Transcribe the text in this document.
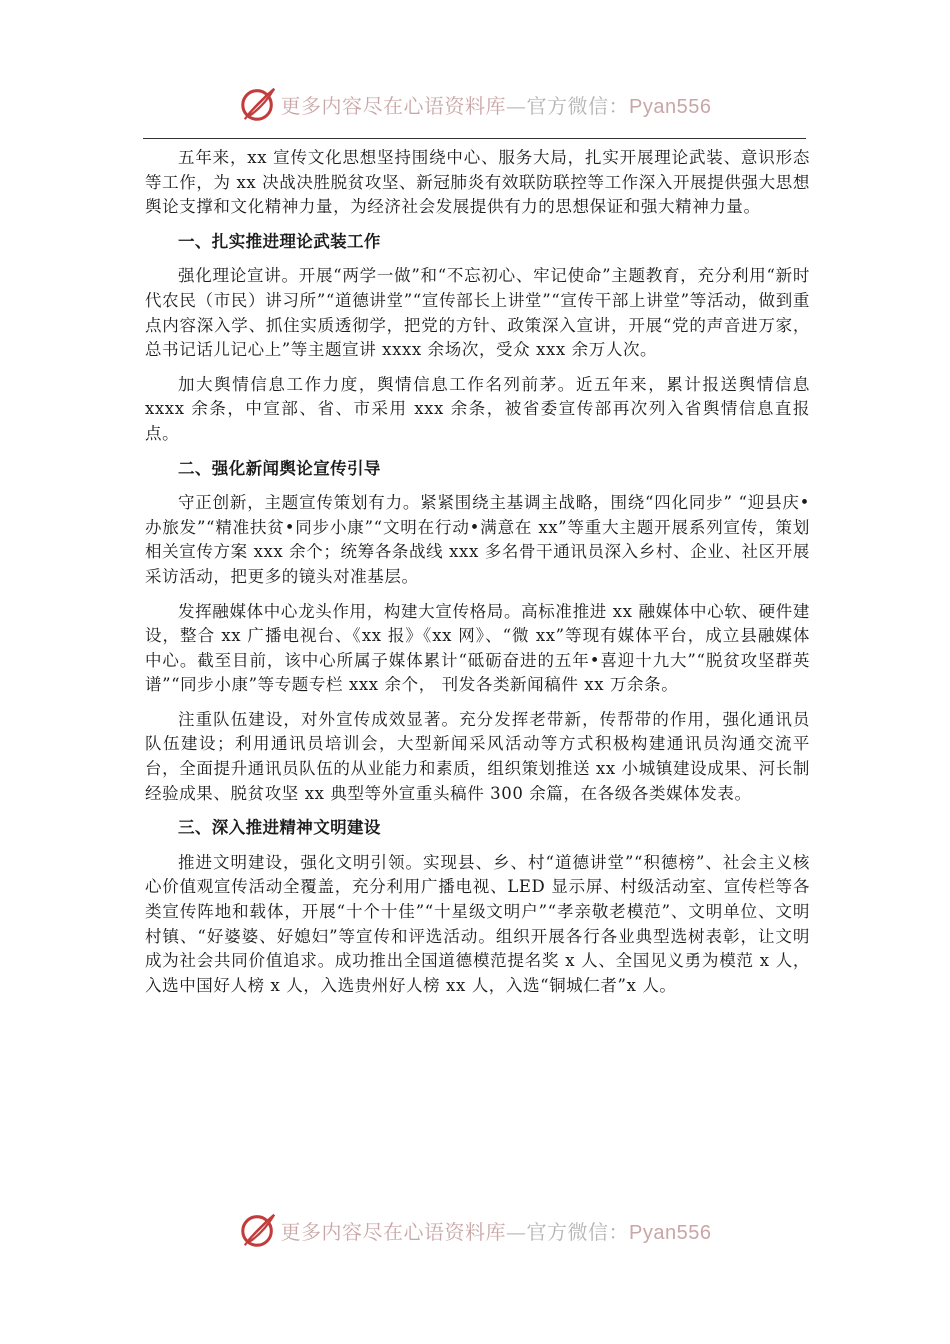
更多内容尽在心语资料库—官方微信：Pyan556

五年来，xx 宣传文化思想坚持围绕中心、服务大局，扎实开展理论武装、意识形态等工作，为 xx 决战决胜脱贫攻坚、新冠肺炎有效联防联控等工作深入开展提供强大思想舆论支撑和文化精神力量，为经济社会发展提供有力的思想保证和强大精神力量。

一、扎实推进理论武装工作

强化理论宣讲。开展“两学一做”和“不忘初心、牢记使命”主题教育，充分利用“新时代农民（市民）讲习所”“道德讲堂”“宣传部长上讲堂”“宣传干部上讲堂”等活动，做到重点内容深入学、抓住实质透彻学，把党的方针、政策深入宣讲，开展“党的声音进万家，总书记话儿记心上”等主题宣讲 xxxx 余场次，受众 xxx 余万人次。

加大舆情信息工作力度，舆情信息工作名列前茅。近五年来，累计报送舆情信息 xxxx 余条，中宣部、省、市采用 xxx 余条，被省委宣传部再次列入省舆情信息直报点。

二、强化新闻舆论宣传引导

守正创新，主题宣传策划有力。紧紧围绕主基调主战略，围绕“四化同步” “迎县庆•办旅发”“精准扶贫•同步小康”“文明在行动•满意在 xx”等重大主题开展系列宣传，策划相关宣传方案 xxx 余个；统筹各条战线 xxx 多名骨干通讯员深入乡村、企业、社区开展采访活动，把更多的镜头对准基层。

发挥融媒体中心龙头作用，构建大宣传格局。高标准推进 xx 融媒体中心软、硬件建设，整合 xx 广播电视台、《xx 报》《xx 网》、“微 xx”等现有媒体平台，成立县融媒体中心。截至目前，该中心所属子媒体累计“砥砺奋进的五年•喜迎十九大”“脱贫攻坚群英谱”“同步小康”等专题专栏 xxx 余个， 刊发各类新闻稿件 xx 万余条。

注重队伍建设，对外宣传成效显著。充分发挥老带新，传帮带的作用，强化通讯员队伍建设；利用通讯员培训会，大型新闻采风活动等方式积极构建通讯员沟通交流平台，全面提升通讯员队伍的从业能力和素质，组织策划推送 xx 小城镇建设成果、河长制经验成果、脱贫攻坚 xx 典型等外宣重头稿件 300 余篇，在各级各类媒体发表。

三、深入推进精神文明建设

推进文明建设，强化文明引领。实现县、乡、村“道德讲堂”“积德榜”、社会主义核心价值观宣传活动全覆盖，充分利用广播电视、LED 显示屏、村级活动室、宣传栏等各类宣传阵地和载体，开展“十个十佳”“十星级文明户”“孝亲敬老模范”、文明单位、文明村镇、“好婆婆、好媳妇”等宣传和评选活动。组织开展各行各业典型选树表彰，让文明成为社会共同价值追求。成功推出全国道德模范提名奖 x 人、全国见义勇为模范 x 人，入选中国好人榜 x 人，入选贵州好人榜 xx 人，入选“铜城仁者”x 人。

更多内容尽在心语资料库—官方微信：Pyan556
